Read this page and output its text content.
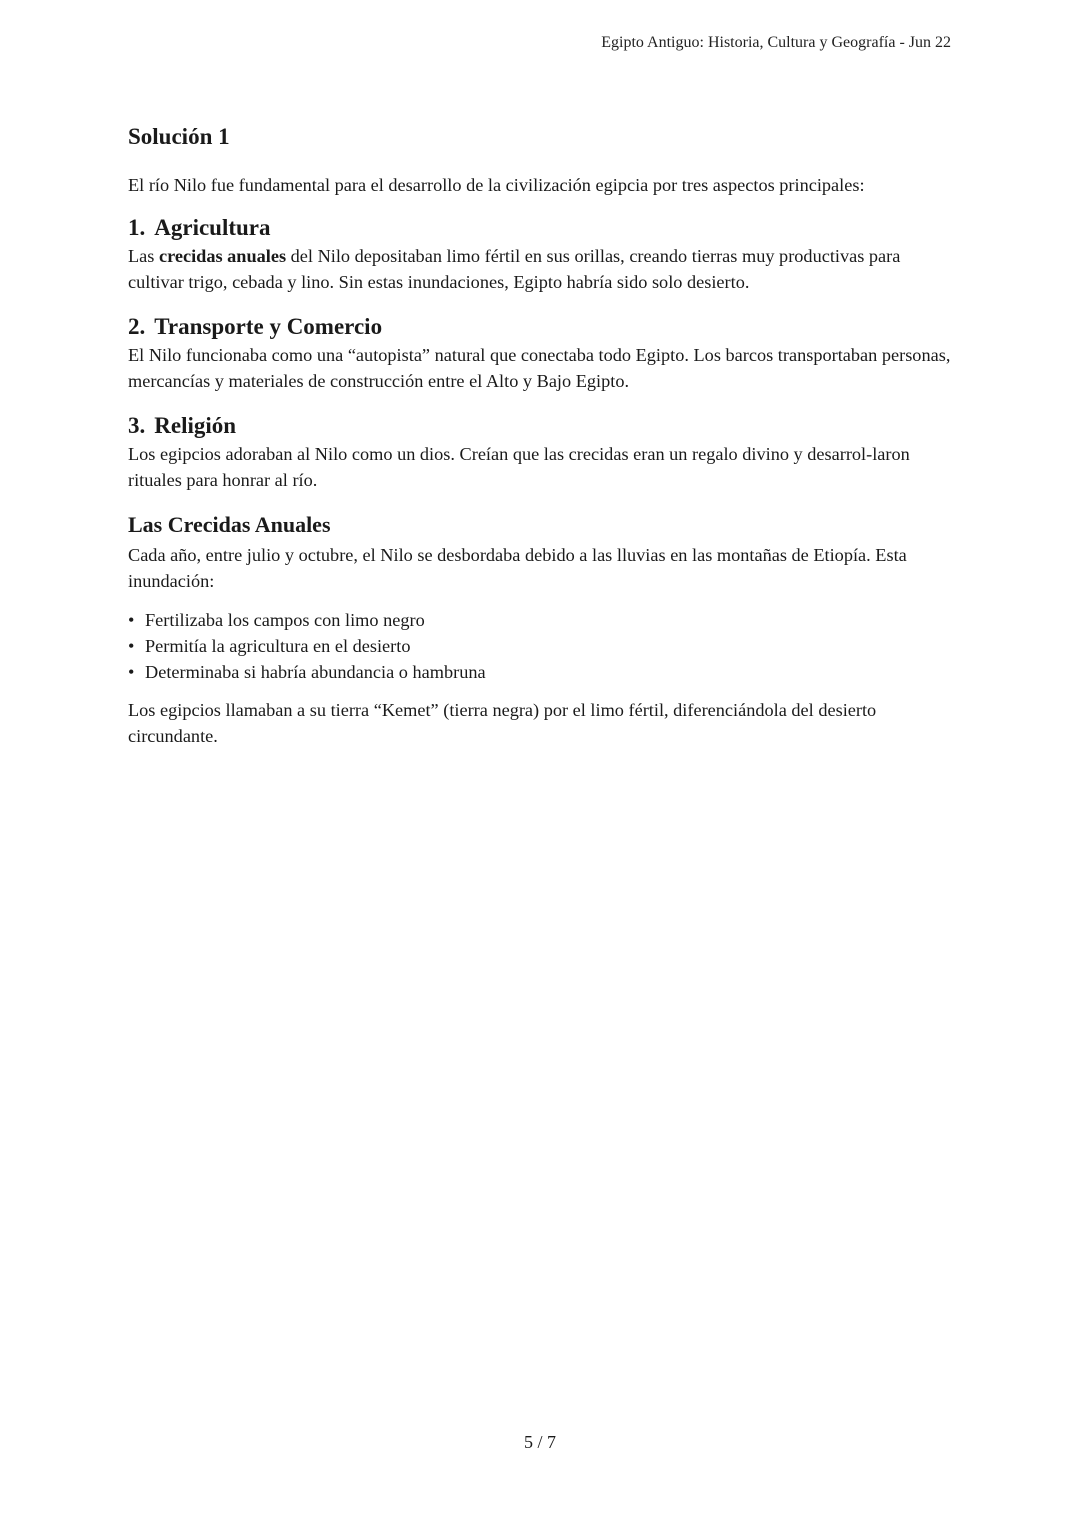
Egipto Antiguo: Historia, Cultura y Geografía - Jun 22
Solución 1

El río Nilo fue fundamental para el desarrollo de la civilización egipcia por tres aspectos principales:

1. Agricultura

Las crecidas anuales del Nilo depositaban limo fértil en sus orillas, creando tierras muy productivas para cultivar trigo, cebada y lino. Sin estas inundaciones, Egipto habría sido solo desierto.

2. Transporte y Comercio

El Nilo funcionaba como una “autopista” natural que conectaba todo Egipto. Los barcos transportaban personas, mercancías y materiales de construcción entre el Alto y Bajo Egipto.

3. Religión

Los egipcios adoraban al Nilo como un dios. Creían que las crecidas eran un regalo divino y desarrol-laron rituales para honrar al río.

Las Crecidas Anuales

Cada año, entre julio y octubre, el Nilo se desbordaba debido a las lluvias en las montañas de Etiopía. Esta inundación:

• Fertilizaba los campos con limo negro
• Permitía la agricultura en el desierto
• Determinaba si habría abundancia o hambruna

Los egipcios llamaban a su tierra “Kemet” (tierra negra) por el limo fértil, diferenciándola del desierto circundante.

5 / 7
